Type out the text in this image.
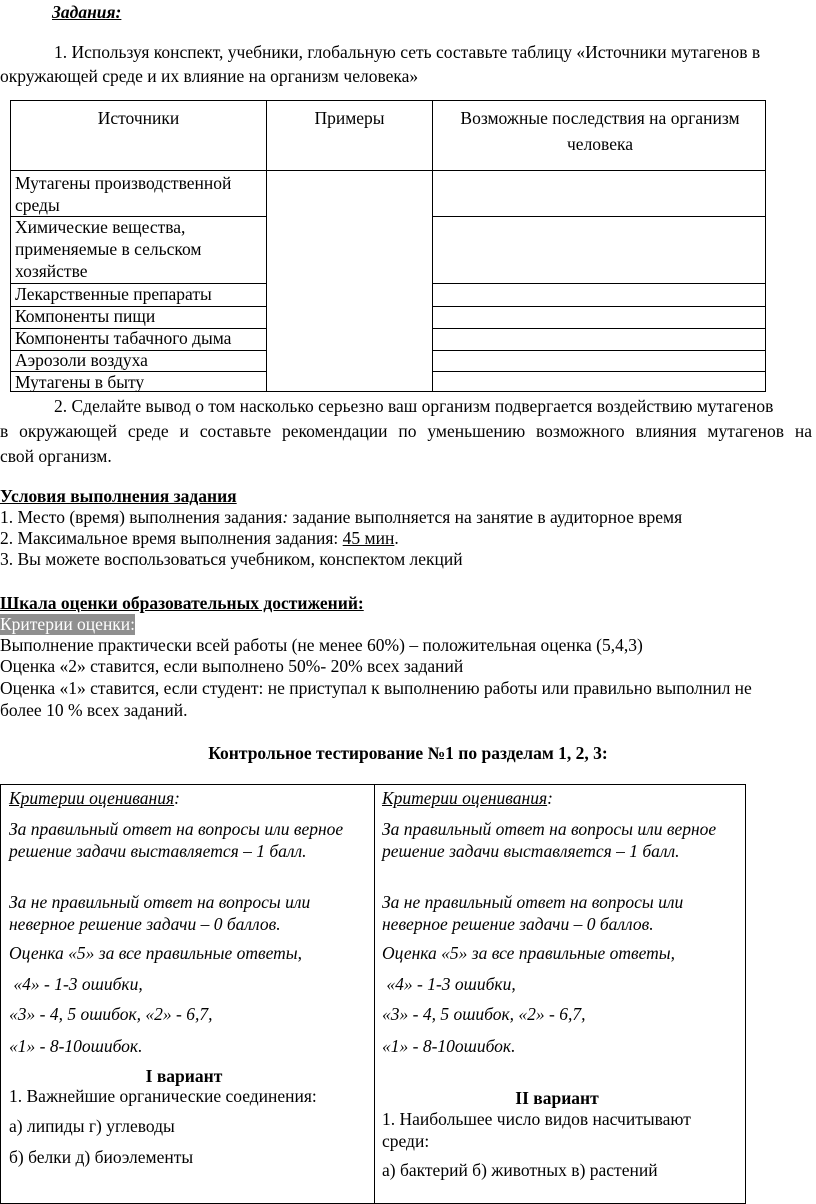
Задания:
1. Используя конспект, учебники, глобальную сеть составьте таблицу «Источники мутагенов в
окружающей среде и их влияние на организм человека»
Источники	Примеры	Возможные последствия на организм
человека
Мутагены производственной
среды
Химические вещества,
применяемые в сельском
хозяйстве
Лекарственные препараты
Компоненты пищи
Компоненты табачного дыма
Аэрозоли воздуха
Мутагены в быту
2. Сделайте вывод о том насколько серьезно ваш организм подвергается воздействию мутагенов
в окружающей среде и составьте рекомендации по уменьшению возможного влияния мутагенов на
свой организм.
Условия выполнения задания
1. Место (время) выполнения задания: задание выполняется на занятие в аудиторное время
2. Максимальное время выполнения задания: 45 мин.
3. Вы можете воспользоваться учебником, конспектом лекций
Шкала оценки образовательных достижений:
Критерии оценки:
Выполнение практически всей работы (не менее 60%) – положительная оценка (5,4,3)
Оценка «2» ставится, если выполнено 50%- 20% всех заданий
Оценка «1» ставится, если студент: не приступал к выполнению работы или правильно выполнил не
более 10 % всех заданий.
Контрольное тестирование №1 по разделам 1, 2, 3:

Критерии оценивания:

За правильный ответ на вопросы или верное решение задачи выставляется – 1 балл.

За не правильный ответ на вопросы или неверное решение задачи – 0 баллов.

Оценка «5» за все правильные ответы,

«4» - 1-3 ошибки,

«3» - 4, 5 ошибок, «2» - 6,7,

«1» - 8-10ошибок.

I вариант
1. Важнейшие органические соединения:
а) липиды г) углеводы
б) белки д) биоэлементы

Критерии оценивания:

За правильный ответ на вопросы или верное решение задачи выставляется – 1 балл.

За не правильный ответ на вопросы или неверное решение задачи – 0 баллов.

Оценка «5» за все правильные ответы,

«4» - 1-3 ошибки,

«3» - 4, 5 ошибок, «2» - 6,7,

«1» - 8-10ошибок.

II вариант
1. Наибольшее число видов насчитывают среди:
а) бактерий б) животных в) растений
